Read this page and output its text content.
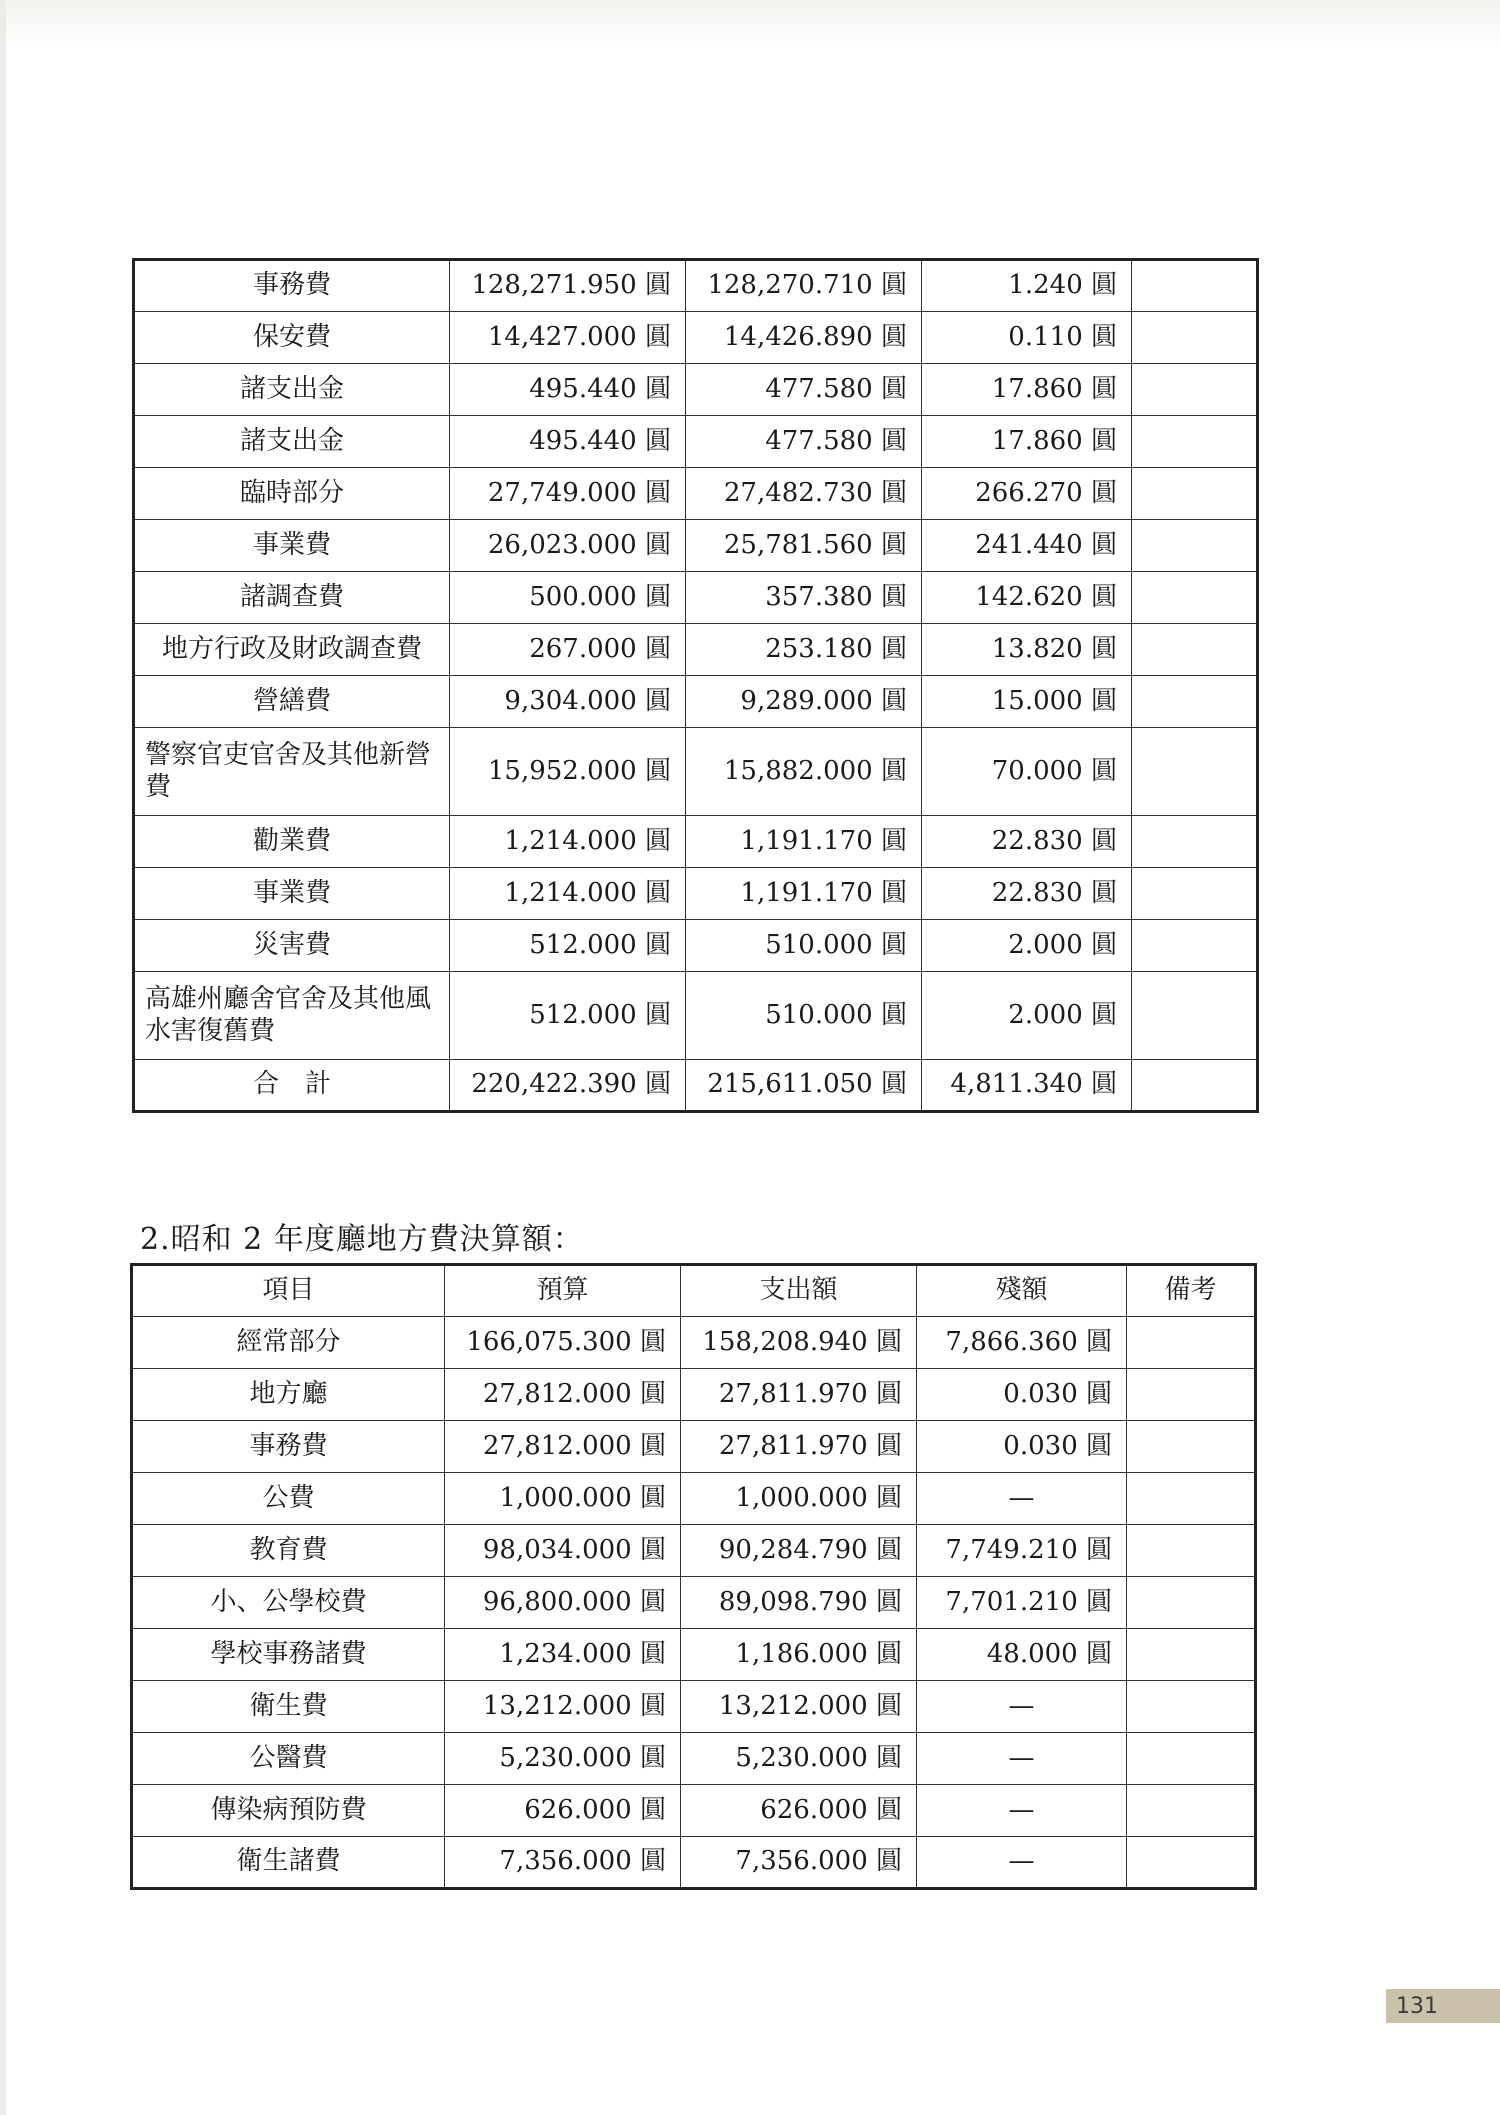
事務費	128,271.950 圓	128,270.710 圓	1.240 圓	
保安費	14,427.000 圓	14,426.890 圓	0.110 圓	
諸支出金	495.440 圓	477.580 圓	17.860 圓	
諸支出金	495.440 圓	477.580 圓	17.860 圓	
臨時部分	27,749.000 圓	27,482.730 圓	266.270 圓	
事業費	26,023.000 圓	25,781.560 圓	241.440 圓	
諸調查費	500.000 圓	357.380 圓	142.620 圓	
地方行政及財政調查費	267.000 圓	253.180 圓	13.820 圓	
營繕費	9,304.000 圓	9,289.000 圓	15.000 圓	
警察官吏官舍及其他新營費	15,952.000 圓	15,882.000 圓	70.000 圓	
勸業費	1,214.000 圓	1,191.170 圓	22.830 圓	
事業費	1,214.000 圓	1,191.170 圓	22.830 圓	
災害費	512.000 圓	510.000 圓	2.000 圓	
高雄州廳舍官舍及其他風水害復舊費	512.000 圓	510.000 圓	2.000 圓	
合　計	220,422.390 圓	215,611.050 圓	4,811.340 圓	
2.昭和 2 年度廳地方費決算額：
項目	預算	支出額	殘額	備考
經常部分	166,075.300 圓	158,208.940 圓	7,866.360 圓	
地方廳	27,812.000 圓	27,811.970 圓	0.030 圓	
事務費	27,812.000 圓	27,811.970 圓	0.030 圓	
公費	1,000.000 圓	1,000.000 圓	—	
教育費	98,034.000 圓	90,284.790 圓	7,749.210 圓	
小、公學校費	96,800.000 圓	89,098.790 圓	7,701.210 圓	
學校事務諸費	1,234.000 圓	1,186.000 圓	48.000 圓	
衛生費	13,212.000 圓	13,212.000 圓	—	
公醫費	5,230.000 圓	5,230.000 圓	—	
傳染病預防費	626.000 圓	626.000 圓	—	
衛生諸費	7,356.000 圓	7,356.000 圓	—	
131
